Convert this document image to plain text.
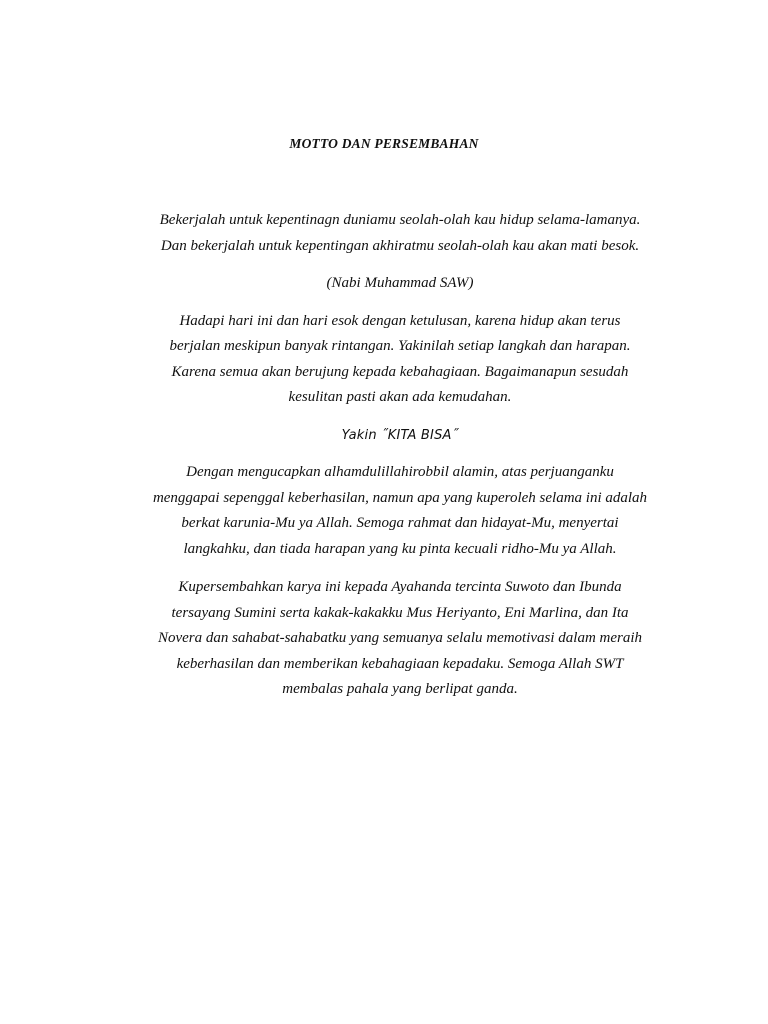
MOTTO DAN PERSEMBAHAN
Bekerjalah untuk kepentinagn duniamu seolah-olah kau hidup selama-lamanya.
Dan bekerjalah untuk kepentingan akhiratmu seolah-olah kau akan mati besok.
(Nabi Muhammad SAW)
Hadapi hari ini dan hari esok dengan ketulusan, karena hidup akan terus
berjalan meskipun banyak rintangan. Yakinilah setiap langkah dan harapan.
Karena semua akan berujung kepada kebahagiaan. Bagaimanapun sesudah
kesulitan pasti akan ada kemudahan.
Yakin ˝KITA BISA˝
Dengan mengucapkan alhamdulillahirobbil alamin, atas perjuanganku
menggapai sepenggal keberhasilan, namun apa yang kuperoleh selama ini adalah
berkat karunia-Mu ya Allah. Semoga rahmat dan hidayat-Mu, menyertai
langkahku, dan tiada harapan yang ku pinta kecuali ridho-Mu ya Allah.
Kupersembahkan karya ini kepada Ayahanda tercinta Suwoto dan Ibunda
tersayang Sumini serta kakak-kakakku Mus Heriyanto, Eni Marlina, dan Ita
Novera dan sahabat-sahabatku yang semuanya selalu memotivasi dalam meraih
keberhasilan dan memberikan kebahagiaan kepadaku. Semoga Allah SWT
membalas pahala yang berlipat ganda.
